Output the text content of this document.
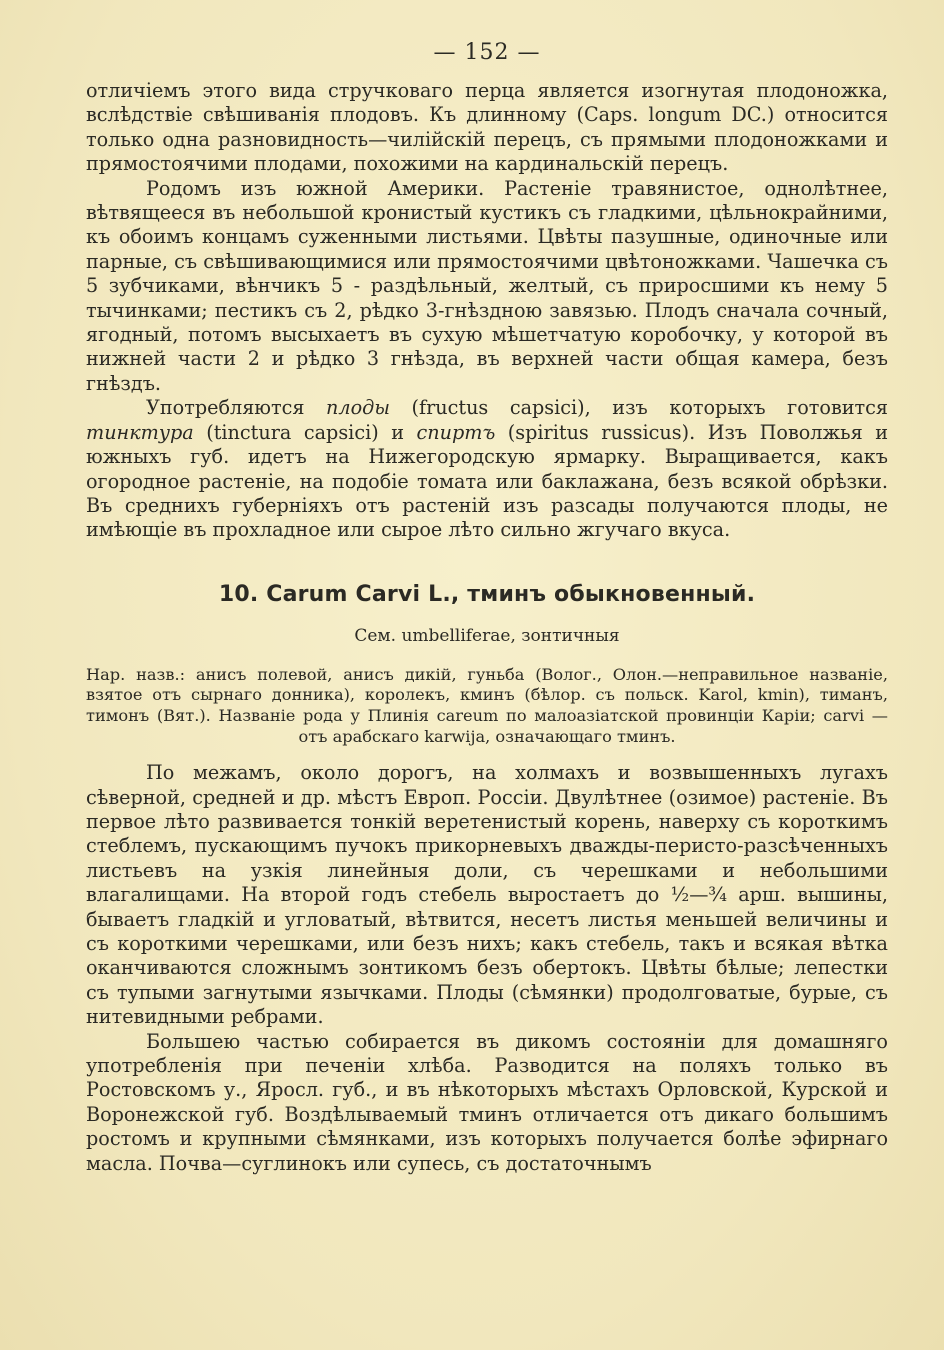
— 152 —

отличіемъ этого вида стручковаго перца является изогнутая плодоножка, вслѣдствіе свѣшиванія плодовъ. Къ длинному (Caps. longum DC.) относится только одна разновидность—чилійскій перецъ, съ прямыми плодоножками и прямостоячими плодами, похожими на кардинальскій перецъ.

Родомъ изъ южной Америки. Растеніе травянистое, однолѣтнее, вѣтвящееся въ небольшой кронистый кустикъ съ гладкими, цѣльнокрайними, къ обоимъ концамъ суженными листьями. Цвѣты пазушные, одиночные или парные, съ свѣшивающимися или прямостоячими цвѣтоножками. Чашечка съ 5 зубчиками, вѣнчикъ 5 - раздѣльный, желтый, съ приросшими къ нему 5 тычинками; пестикъ съ 2, рѣдко 3-гнѣздною завязью. Плодъ сначала сочный, ягодный, потомъ высыхаетъ въ сухую мѣшетчатую коробочку, у которой въ нижней части 2 и рѣдко 3 гнѣзда, въ верхней части общая камера, безъ гнѣздъ.

Употребляются плоды (fructus capsici), изъ которыхъ готовится тинктура (tinctura capsici) и спиртъ (spiritus russicus). Изъ Поволжья и южныхъ губ. идетъ на Нижегородскую ярмарку. Выращивается, какъ огородное растеніе, на подобіе томата или баклажана, безъ всякой обрѣзки. Въ среднихъ губерніяхъ отъ растеній изъ разсады получаются плоды, не имѣющіе въ прохладное или сырое лѣто сильно жгучаго вкуса.

10. Carum Carvi L., тминъ обыкновенный.
Сем. umbelliferae, зонтичныя

Нар. назв.: анисъ полевой, анисъ дикій, гуньба (Волог., Олон.—неправильное названіе, взятое отъ сырнаго донника), королекъ, кминъ (бѣлор. съ польск. Karol, kmin), тиманъ, тимонъ (Вят.). Названіе рода у Плинія careum по малоазіатской провинціи Каріи; carvi — отъ арабскаго karwija, означающаго тминъ.

По межамъ, около дорогъ, на холмахъ и возвышенныхъ лугахъ сѣверной, средней и др. мѣстъ Европ. Россіи. Двулѣтнее (озимое) растеніе. Въ первое лѣто развивается тонкій веретенистый корень, наверху съ короткимъ стеблемъ, пускающимъ пучокъ прикорневыхъ дважды-перисто-разсѣченныхъ листьевъ на узкія линейныя доли, съ черешками и небольшими влагалищами. На второй годъ стебель выростаетъ до ½—¾ арш. вышины, бываетъ гладкій и угловатый, вѣтвится, несетъ листья меньшей величины и съ короткими черешками, или безъ нихъ; какъ стебель, такъ и всякая вѣтка оканчиваются сложнымъ зонтикомъ безъ обертокъ. Цвѣты бѣлые; лепестки съ тупыми загнутыми язычками. Плоды (сѣмянки) продолговатые, бурые, съ нитевидными ребрами.

Большею частью собирается въ дикомъ состояніи для домашняго употребленія при печеніи хлѣба. Разводится на поляхъ только въ Ростовскомъ у., Яросл. губ., и въ нѣкоторыхъ мѣстахъ Орловской, Курской и Воронежской губ. Воздѣлываемый тминъ отличается отъ дикаго большимъ ростомъ и крупными сѣмянками, изъ которыхъ получается болѣе эфирнаго масла. Почва—суглинокъ или супесь, съ достаточнымъ
